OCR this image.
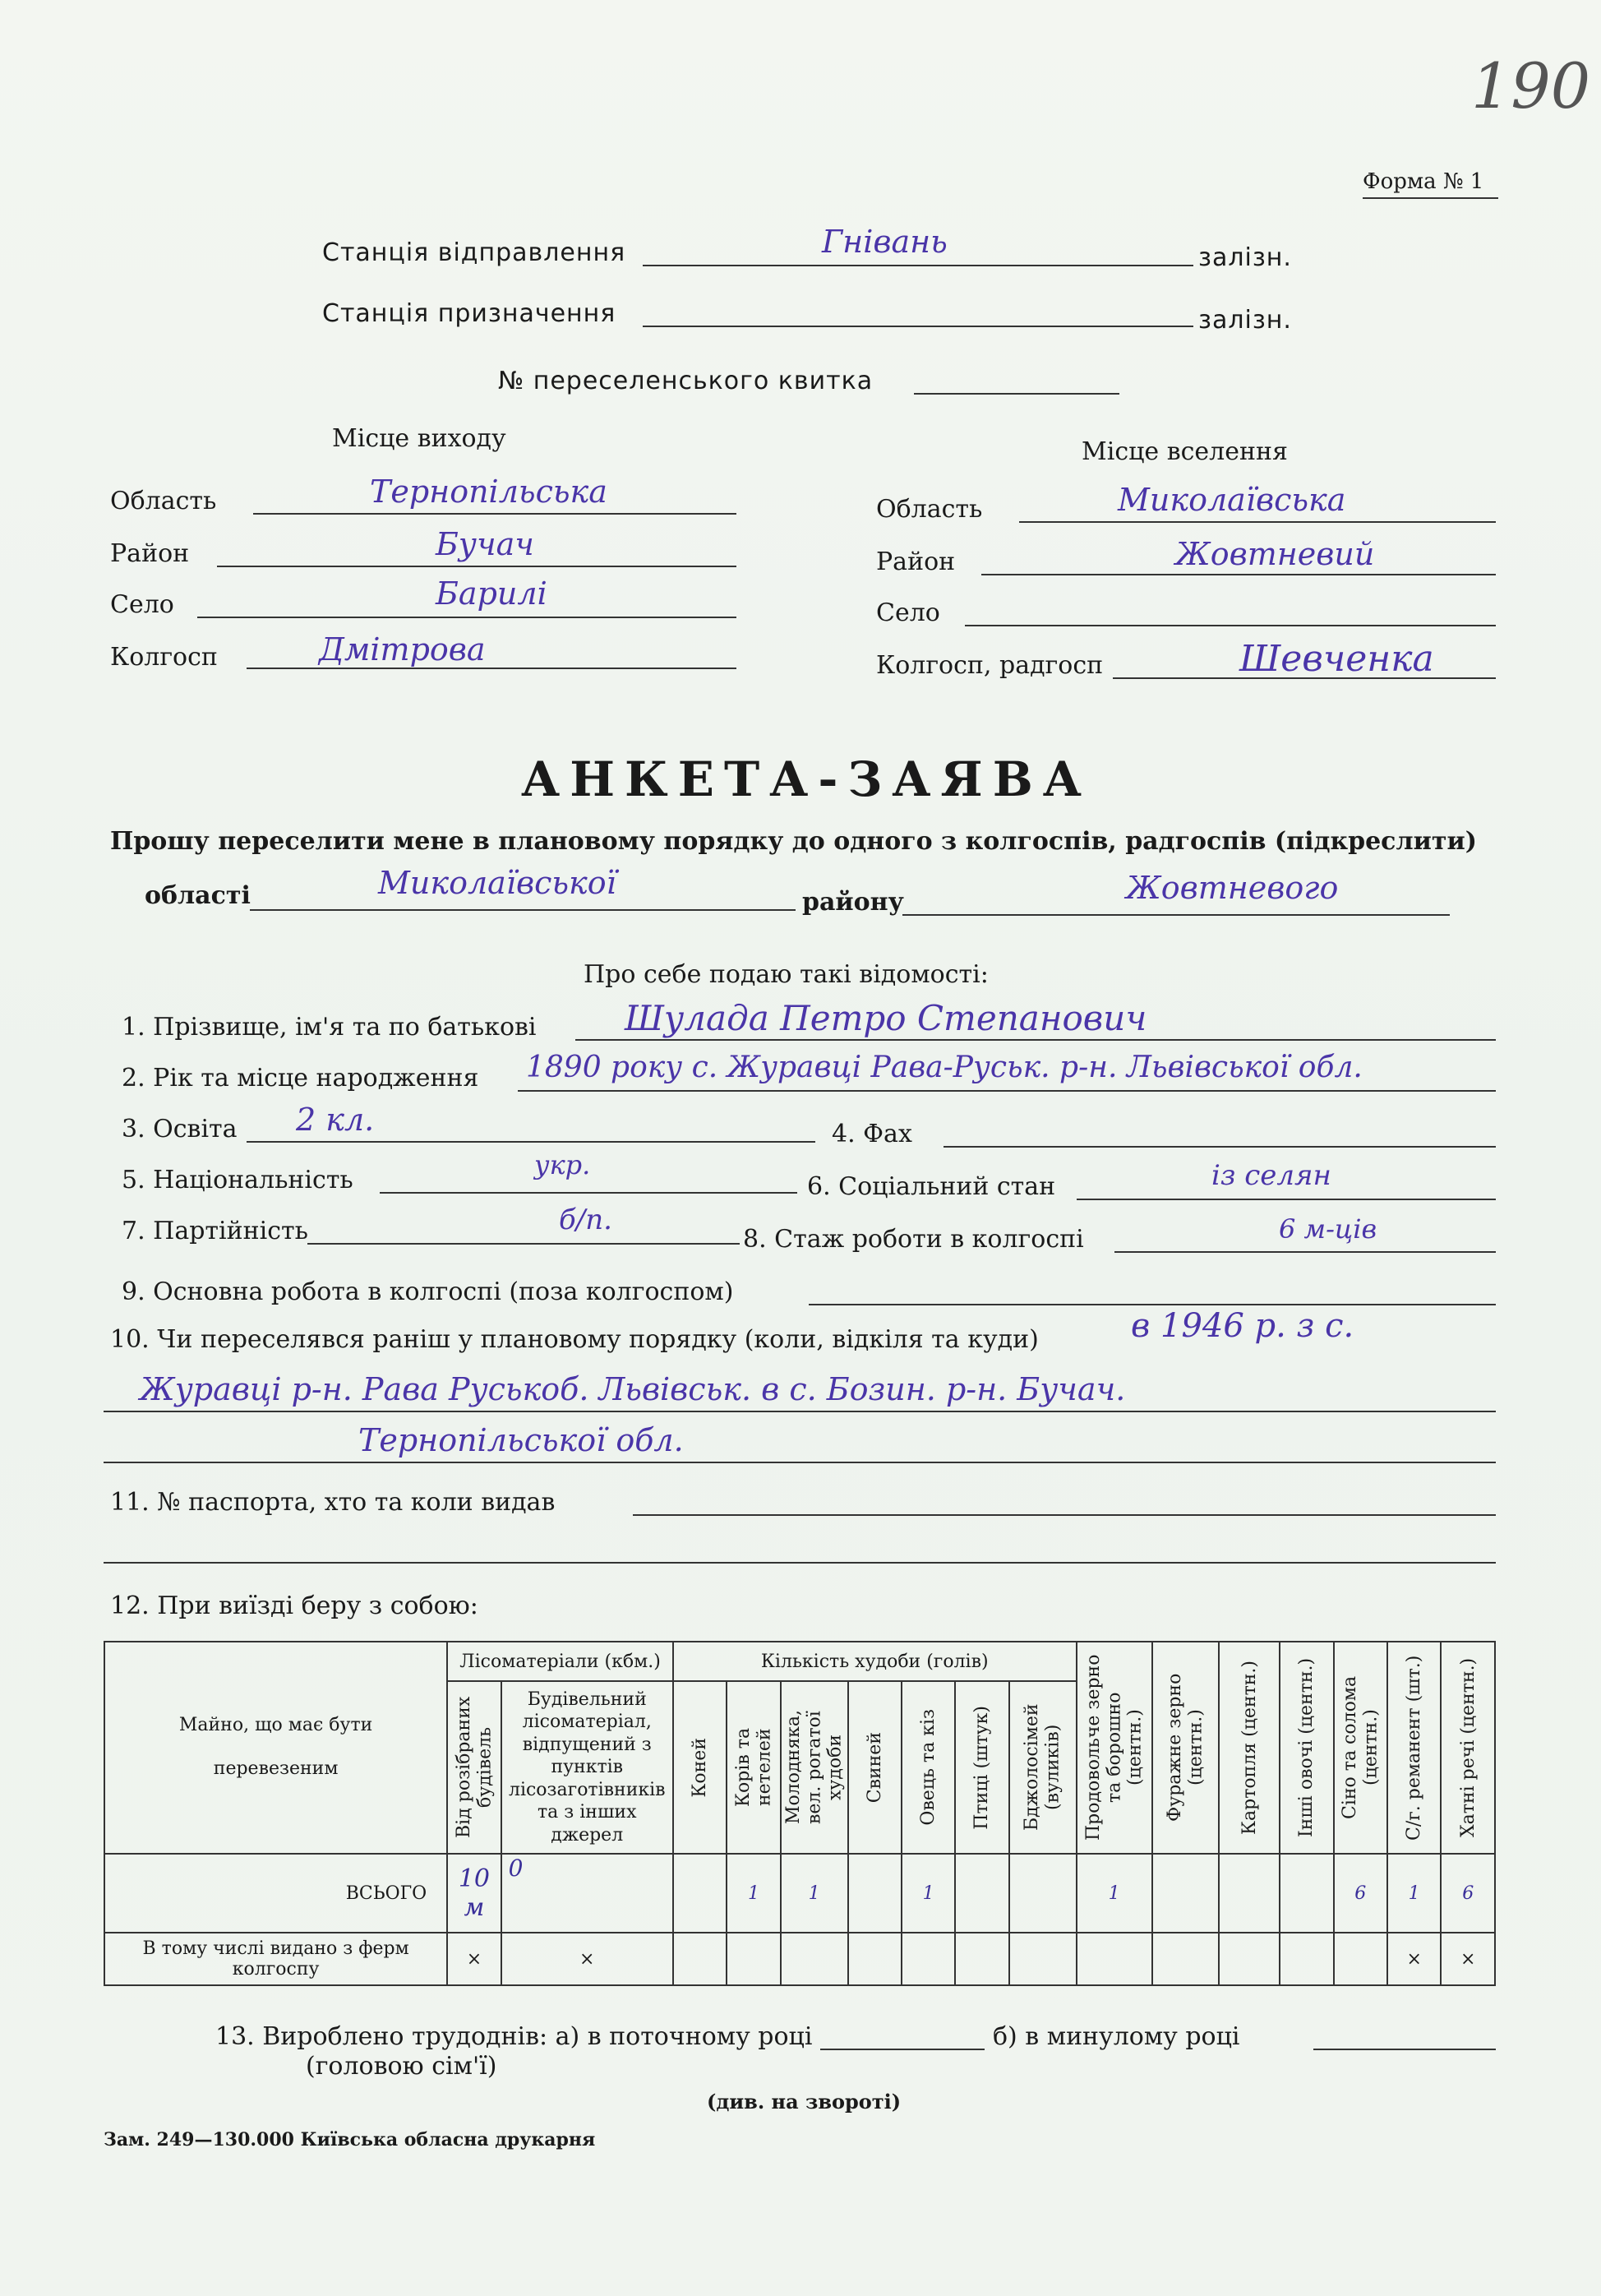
190
Форма № 1
Станція відправлення	Гнівань	залізн.
Станція призначення	залізн.
№ переселенського квитка
Місце виходу
Область	Тернопільська
Район	Бучач
Село	Барилі
Колгосп	Дмітрова
Місце вселення
Область	Миколаївська
Район	Жовтневий
Село
Колгосп, радгосп	Шевченка
АНКЕТА-ЗАЯВА
Прошу переселити мене в плановому порядку до одного з колгоспів, радгоспів (підкреслити)
області	Миколаївської
району	Жовтневого
Про себе подаю такі відомості:
1. Прізвище, ім'я та по батькові	Шулада Петро Степанович
2. Рік та місце народження 1890 року с. Журавці Рава-Руськ. р-н. Львівської обл.
3. Освіта 2 кл.	4. Фах
5. Національність	укр.
6. Соціальний стан	із селян
7. Партійність	б/п.
8. Стаж роботи в колгоспі	6 м-ців
9. Основна робота в колгоспі (поза колгоспом)
10. Чи переселявся раніш у плановому порядку (коли, відкіля та куди)	в 1946 р. з с.
Журавці р-н. Рава Руськоб. Львівськ. в с. Бозин. р-н. Бучач.
Тернопільської обл.
11. № паспорта, хто та коли видав
12. При виїзді беру з собою:
Майно, що має бути перевезеним	Лісоматеріали (кбм.)		Кількість худоби (голів)							Продовольче зерно та борошно (центн.)	Фуражне зерно (центн.)	Картопля (центн.)	Інші овочі (центн.)	Сіно та солома (центн.)	С/г. реманент (шт.)	Хатні речі (центн.)

	Від розібраних будівель	Будівельний лісоматеріал, відпущений з пунктів лісозаготівників та з інших джерел	Коней	Корів та нетелей	Молодняка, вел. рогатої худоби	Свиней	Овець та кіз	Птиці (штук)	Бджолосімей (вуликів)							

ВСЬОГО	10 м	0		1	1		1			1				6	1	6
В тому числі видано з ферм колгоспу	×	×													×	×
13. Вироблено трудоднів: а) в поточному році	б) в минулому році
(головою сім'ї)
(див. на звороті)
Зам. 249—130.000 Київська обласна друкарня
